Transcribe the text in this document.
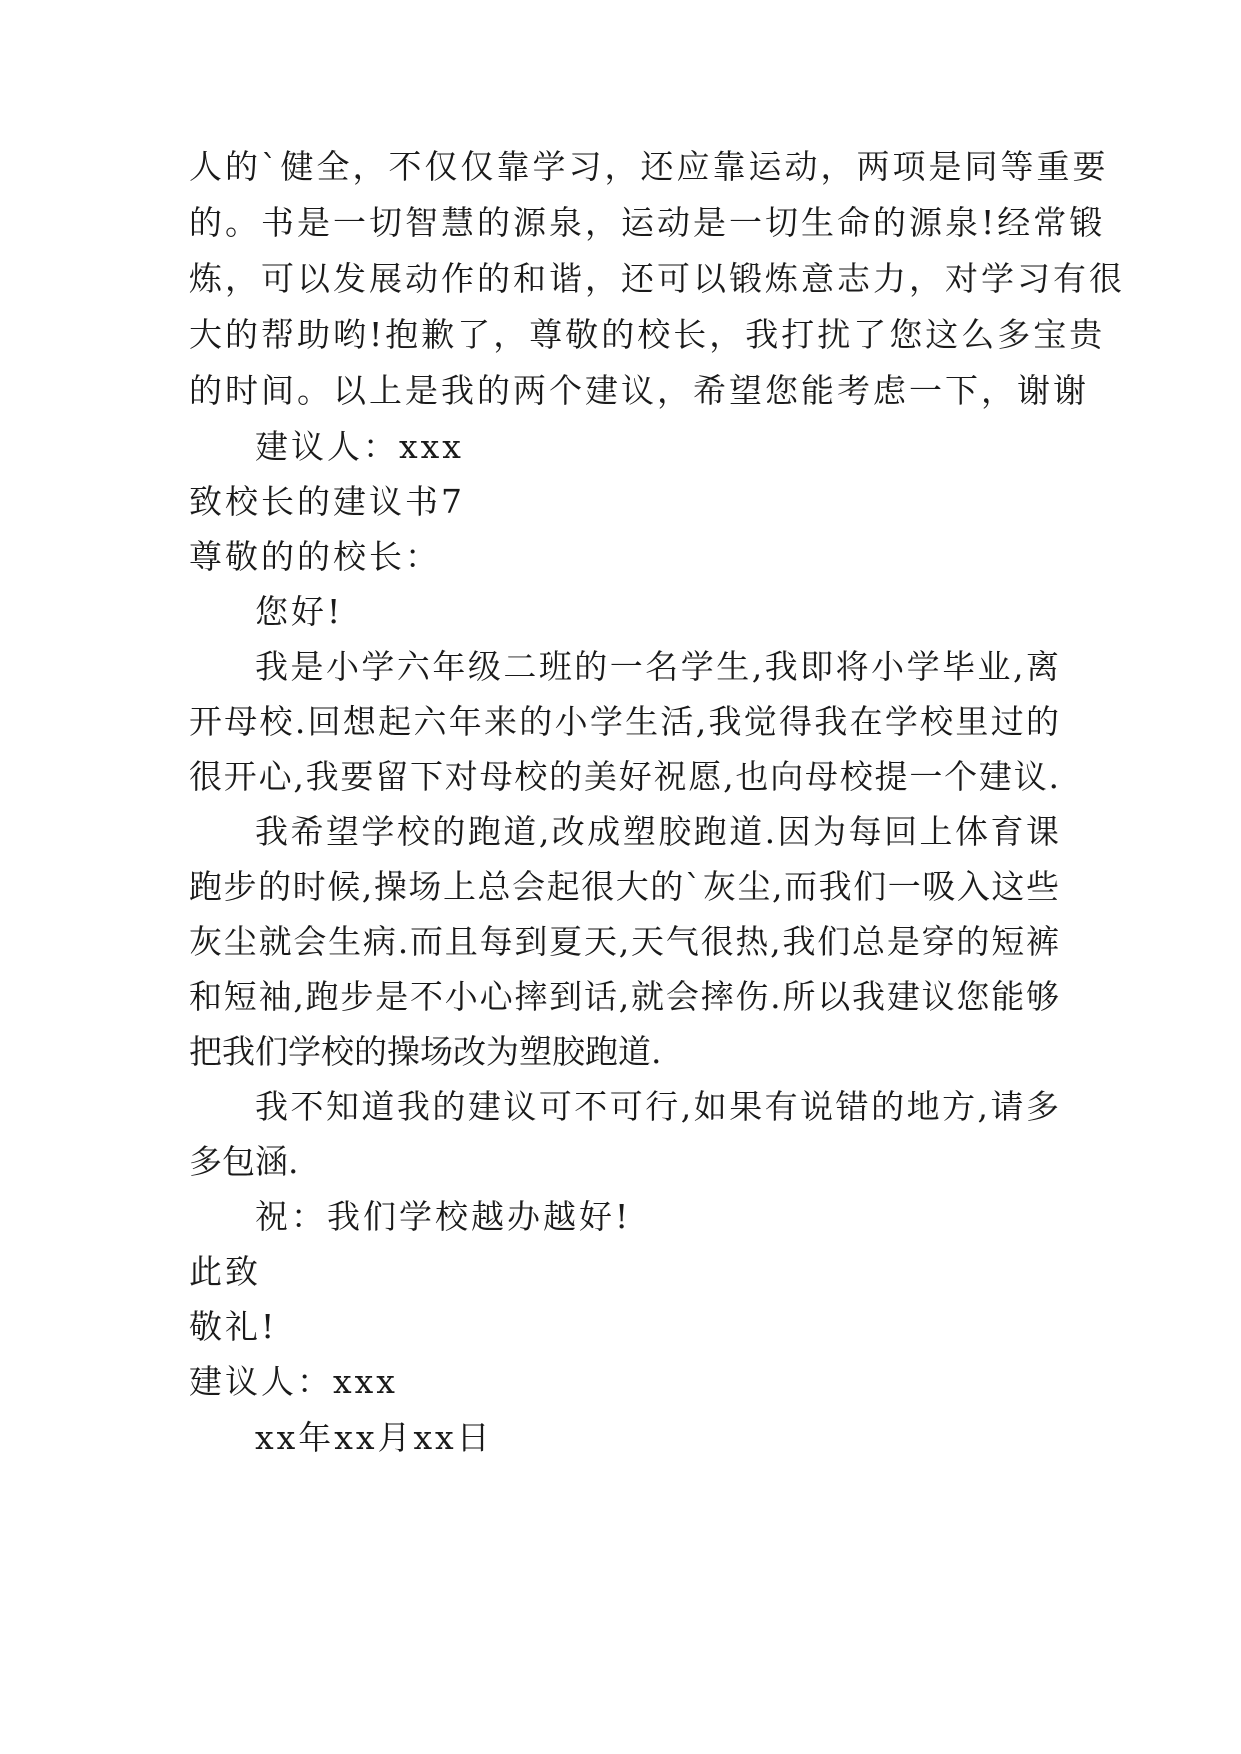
人的`健全，不仅仅靠学习，还应靠运动，两项是同等重要
的。书是一切智慧的源泉，运动是一切生命的源泉!经常锻
炼，可以发展动作的和谐，还可以锻炼意志力，对学习有很
大的帮助哟!抱歉了，尊敬的校长，我打扰了您这么多宝贵
的时间。以上是我的两个建议，希望您能考虑一下，谢谢
建议人：xxx
致校长的建议书7
尊敬的的校长：
您好!
我是小学六年级二班的一名学生,我即将小学毕业,离
开母校.回想起六年来的小学生活,我觉得我在学校里过的
很开心,我要留下对母校的美好祝愿,也向母校提一个建议.
我希望学校的跑道,改成塑胶跑道.因为每回上体育课
跑步的时候,操场上总会起很大的`灰尘,而我们一吸入这些
灰尘就会生病.而且每到夏天,天气很热,我们总是穿的短裤
和短袖,跑步是不小心摔到话,就会摔伤.所以我建议您能够
把我们学校的操场改为塑胶跑道.
我不知道我的建议可不可行,如果有说错的地方,请多
多包涵.
祝：我们学校越办越好!
此致
敬礼!
建议人：xxx
xx年xx月xx日
